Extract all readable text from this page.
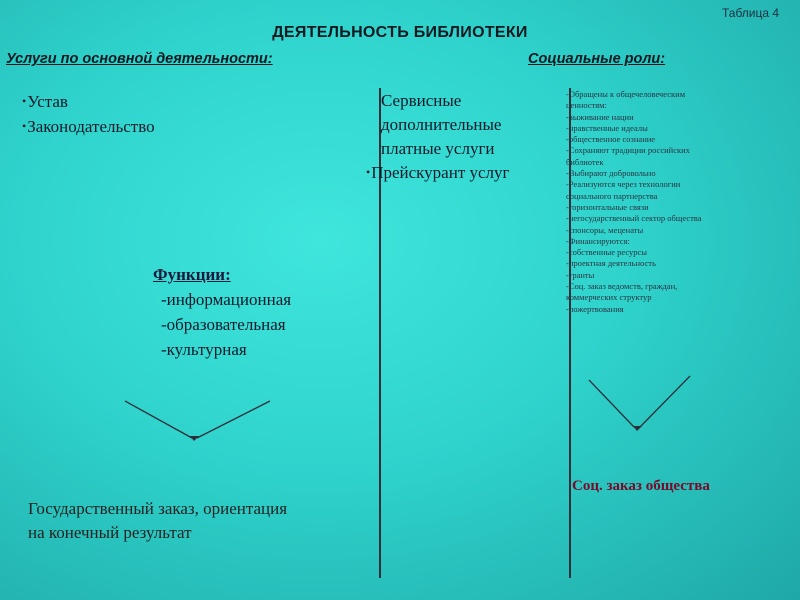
Таблица 4
ДЕЯТЕЛЬНОСТЬ БИБЛИОТЕКИ
Услуги по основной деятельности:	Социальные роли:
• Устав
• Законодательство
Функции:
-информационная
-образовательная
-культурная
Государственный заказ, ориентация
на конечный результат
Сервисные
дополнительные
платные услуги
• Прейскурант услуг
-Обращены к общечеловеческим
ценностям:
-выживание нации
-нравственные идеалы
-общественное сознание
-Сохраняют традиции российских
библиотек
-Выбирают добровольно
-Реализуются через технологии
социального партнерства
-горизонтальные связи
-негосударственный сектор общества
-спонсоры, меценаты
-Финансируются:
-собственные ресурсы
-проектная деятельность
-гранты
-Соц. заказ ведомств, граждан,
коммерческих структур
-пожертвования
Соц. заказ общества
